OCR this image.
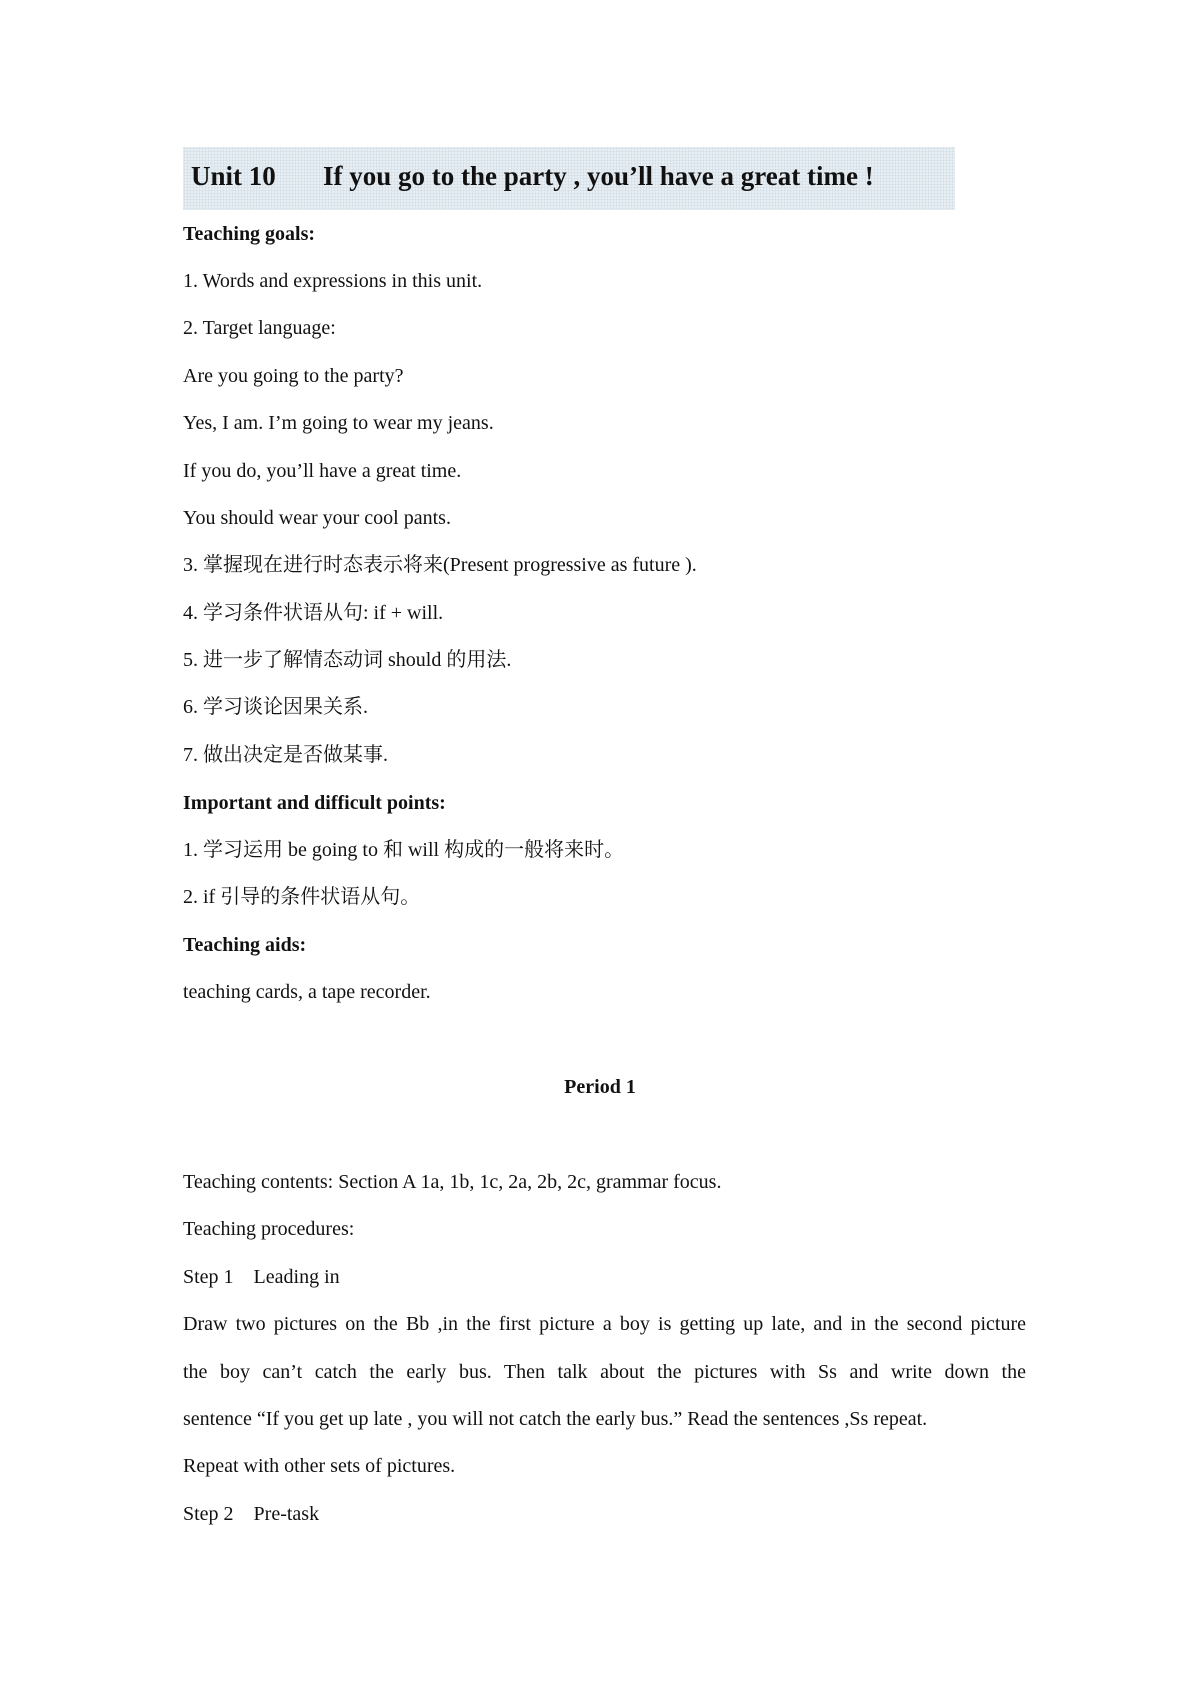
Unit 10 If you go to the party , you’ll have a great time !
Teaching goals:
1. Words and expressions in this unit.
2. Target language:
Are you going to the party?
Yes, I am. I’m going to wear my jeans.
If you do, you’ll have a great time.
You should wear your cool pants.
3. 掌握现在进行时态表示将来(Present progressive as future ).
4. 学习条件状语从句: if + will.
5. 进一步了解情态动词 should 的用法.
6. 学习谈论因果关系.
7. 做出决定是否做某事.
Important and difficult points:
1. 学习运用 be going to 和 will 构成的一般将来时。
2. if 引导的条件状语从句。
Teaching aids:
teaching cards, a tape recorder.
Period 1
Teaching contents: Section A 1a, 1b, 1c, 2a, 2b, 2c, grammar focus.
Teaching procedures:
Step 1    Leading in
Draw two pictures on the Bb ,in the first picture a boy is getting up late, and in the second picture
the boy can’t catch the early bus. Then talk about the pictures with Ss and write down the
sentence “If you get up late , you will not catch the early bus.” Read the sentences ,Ss repeat.
Repeat with other sets of pictures.
Step 2    Pre-task
